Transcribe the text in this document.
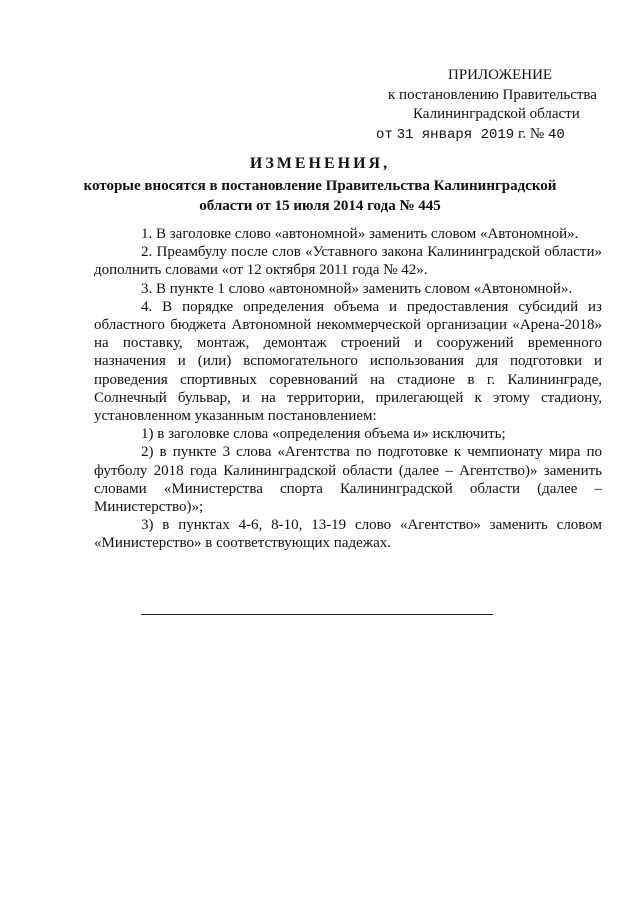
ПРИЛОЖЕНИЕ
к постановлению Правительства
Калининградской области
от 31 января 2019 г. № 40
ИЗМЕНЕНИЯ,
которые вносятся в постановление Правительства Калининградской области от 15 июля 2014 года № 445

1. В заголовке слово «автономной» заменить словом «Автономной».

2. Преамбулу после слов «Уставного закона Калининградской области» дополнить словами «от 12 октября 2011 года № 42».

3. В пункте 1 слово «автономной» заменить словом «Автономной».

4. В порядке определения объема и предоставления субсидий из областного бюджета Автономной некоммерческой организации «Арена-2018» на поставку, монтаж, демонтаж строений и сооружений временного назначения и (или) вспомогательного использования для подготовки и проведения спортивных соревнований на стадионе в г. Калининграде, Солнечный бульвар, и на территории, прилегающей к этому стадиону, установленном указанным постановлением:

1) в заголовке слова «определения объема и» исключить;

2) в пункте 3 слова «Агентства по подготовке к чемпионату мира по футболу 2018 года Калининградской области (далее – Агентство)» заменить словами «Министерства спорта Калининградской области (далее – Министерство)»;

3) в пунктах 4-6, 8-10, 13-19 слово «Агентство» заменить словом «Министерство» в соответствующих падежах.
